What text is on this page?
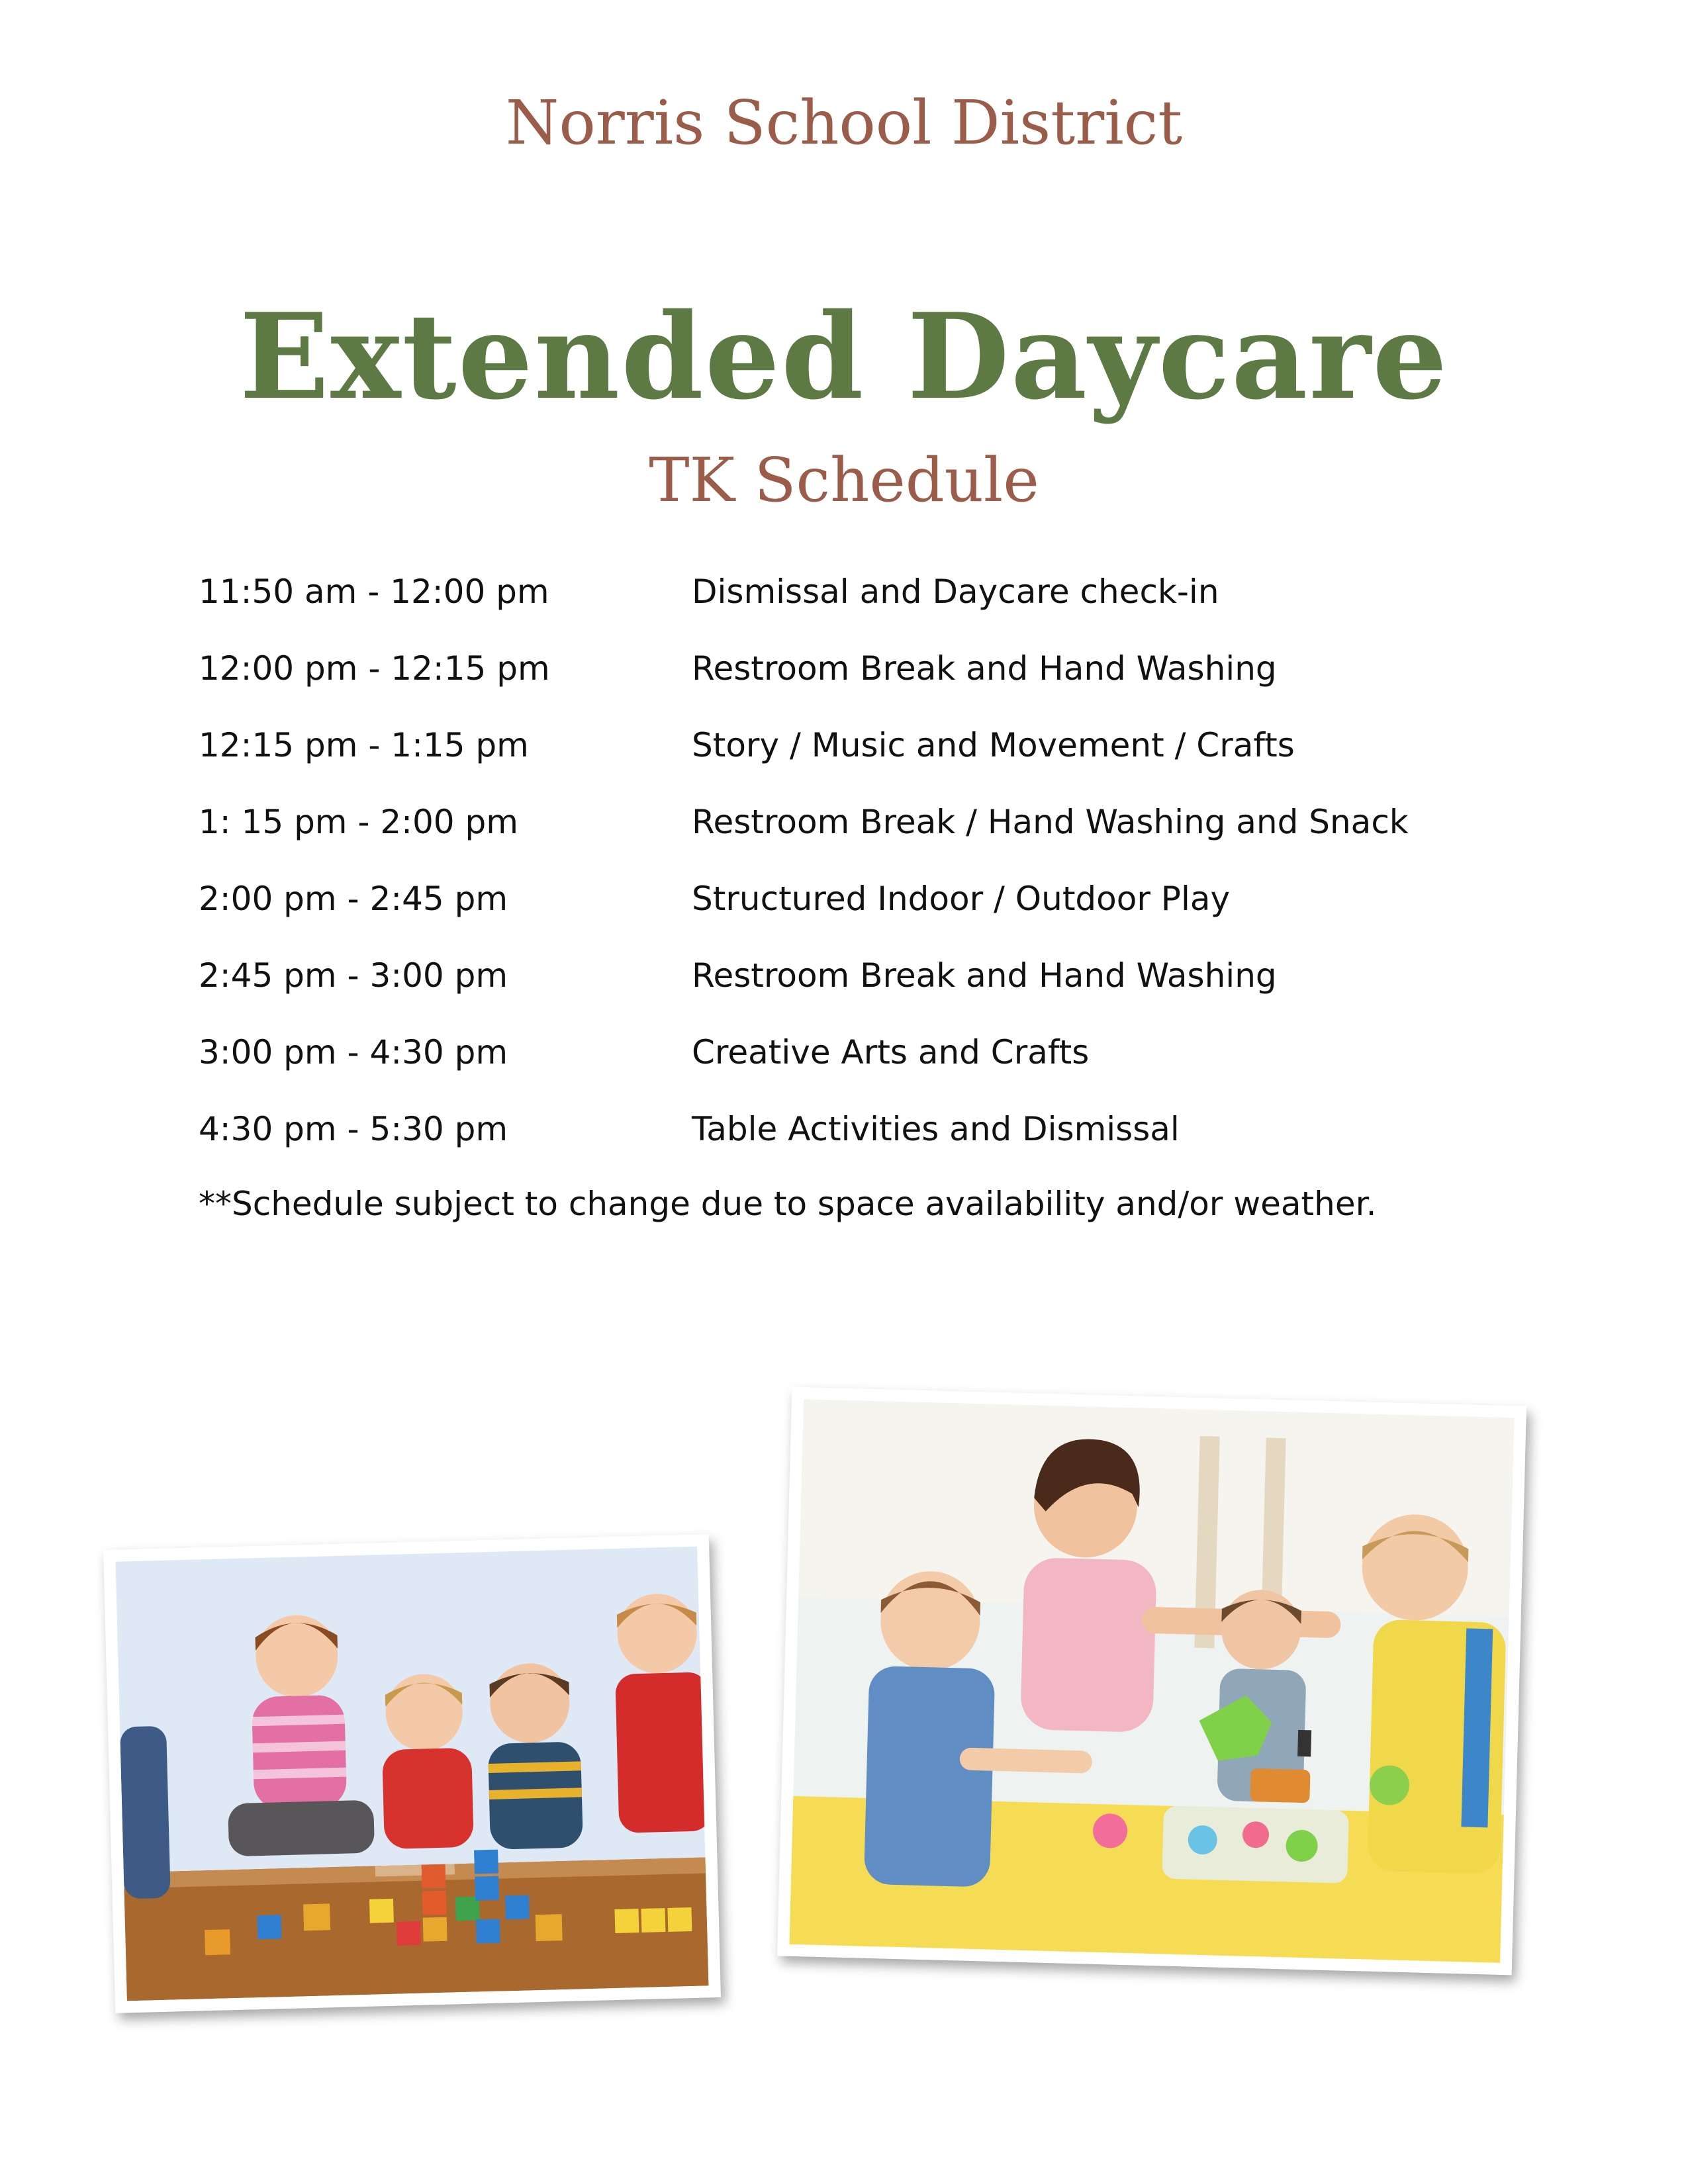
Norris School District
Extended Daycare
TK Schedule
11:50 am - 12:00 pm	Dismissal and Daycare check-in
12:00 pm - 12:15 pm	Restroom Break and Hand Washing
12:15 pm - 1:15 pm	Story / Music and Movement / Crafts
1: 15 pm - 2:00 pm	Restroom Break / Hand Washing and Snack
2:00 pm - 2:45 pm	Structured Indoor / Outdoor Play
2:45 pm - 3:00 pm	Restroom Break and Hand Washing
3:00 pm - 4:30 pm	Creative Arts and Crafts
4:30 pm - 5:30 pm	Table Activities and Dismissal
**Schedule subject to change due to space availability and/or weather.
